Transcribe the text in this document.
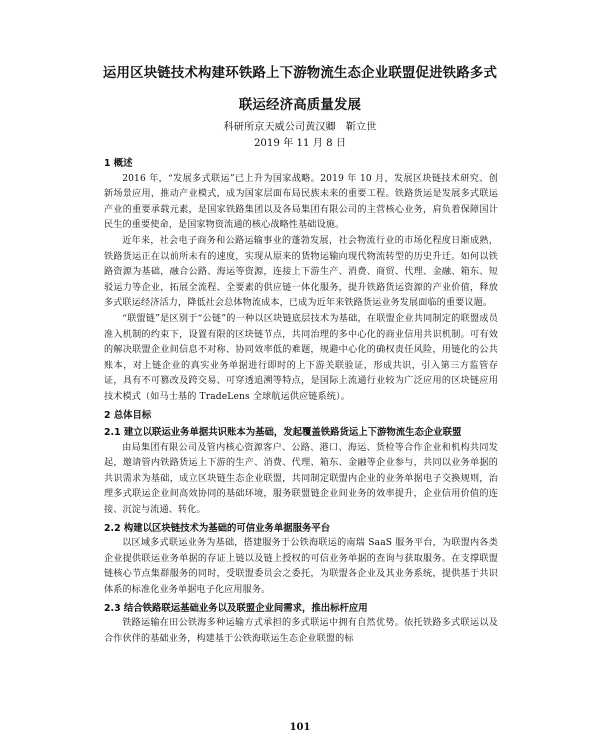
运用区块链技术构建环铁路上下游物流生态企业联盟促进铁路多式
联运经济高质量发展
科研所京天威公司黄汉卿　靳立世
2019 年 11 月 8 日
1 概述

2016 年，“发展多式联运”已上升为国家战略。2019 年 10 月，发展区块链技术研究、创新场景应用，推动产业模式，成为国家层面布局民族未来的重要工程。铁路货运是发展多式联运产业的重要承载元素，是国家铁路集团以及各局集团有限公司的主营核心业务，肩负着保障国计民生的重要使命，是国家物资流通的核心战略性基础设施。

近年来，社会电子商务和公路运输事业的蓬勃发展，社会物流行业的市场化程度日渐成熟，铁路货运正在以前所未有的速度，实现从原来的货物运输向现代物流转型的历史升迁。如何以铁路资源为基础，融合公路、海运等资源，连接上下游生产、消费、商贸、代理、金融、箱东、短驳运力等企业，拓展全流程、全要素的供应链一体化服务，提升铁路货运资源的产业价值，释放多式联运经济活力，降低社会总体物流成本，已成为近年来铁路货运业务发展面临的重要议题。

“联盟链”是区别于“公链”的一种以区块链底层技术为基础，在联盟企业共同制定的联盟成员准入机制的约束下，设置有限的区块链节点，共同治理的多中心化的商业信用共识机制。可有效的解决联盟企业间信息不对称、协同效率低的难题，规避中心化的确权责任风险，用链化的公共账本，对上链企业的真实业务单据进行即时的上下游关联验证，形成共识，引入第三方监管存证，具有不可篡改及跨交易、可穿透追溯等特点，是国际上流通行业较为广泛应用的区块链应用技术模式（如马士基的 TradeLens 全球航运供应链系统）。

2 总体目标
2.1 建立以联运业务单据共识账本为基础，发起覆盖铁路货运上下游物流生态企业联盟

由局集团有限公司及管内核心资源客户、公路、港口、海运、货检等合作企业和机构共同发起，邀请管内铁路货运上下游的生产、消费、代理、箱东、金融等企业参与，共同以业务单据的共识需求为基础，成立区块链生态企业联盟，共同制定联盟内企业的业务单据电子交换规则，治理多式联运企业间高效协同的基础环境，服务联盟链企业间业务的效率提升，企业信用价值的连接、沉淀与流通、转化。

2.2 构建以区块链技术为基础的可信业务单据服务平台

以区域多式联运业务为基础，搭建服务于公铁海联运的南瑞 SaaS 服务平台，为联盟内各类企业提供联运业务单据的存证上链以及链上授权的可信业务单据的查询与获取服务。在支撑联盟链核心节点集群服务的同时，受联盟委员会之委托，为联盟各企业及其业务系统，提供基于共识体系的标准化业务单据电子化应用服务。

2.3 结合铁路联运基础业务以及联盟企业间需求，推出标杆应用

铁路运输在田公铁海多种运输方式承担的多式联运中拥有自然优势。依托铁路多式联运以及合作伙伴的基础业务，构建基于公铁海联运生态企业联盟的标

101
